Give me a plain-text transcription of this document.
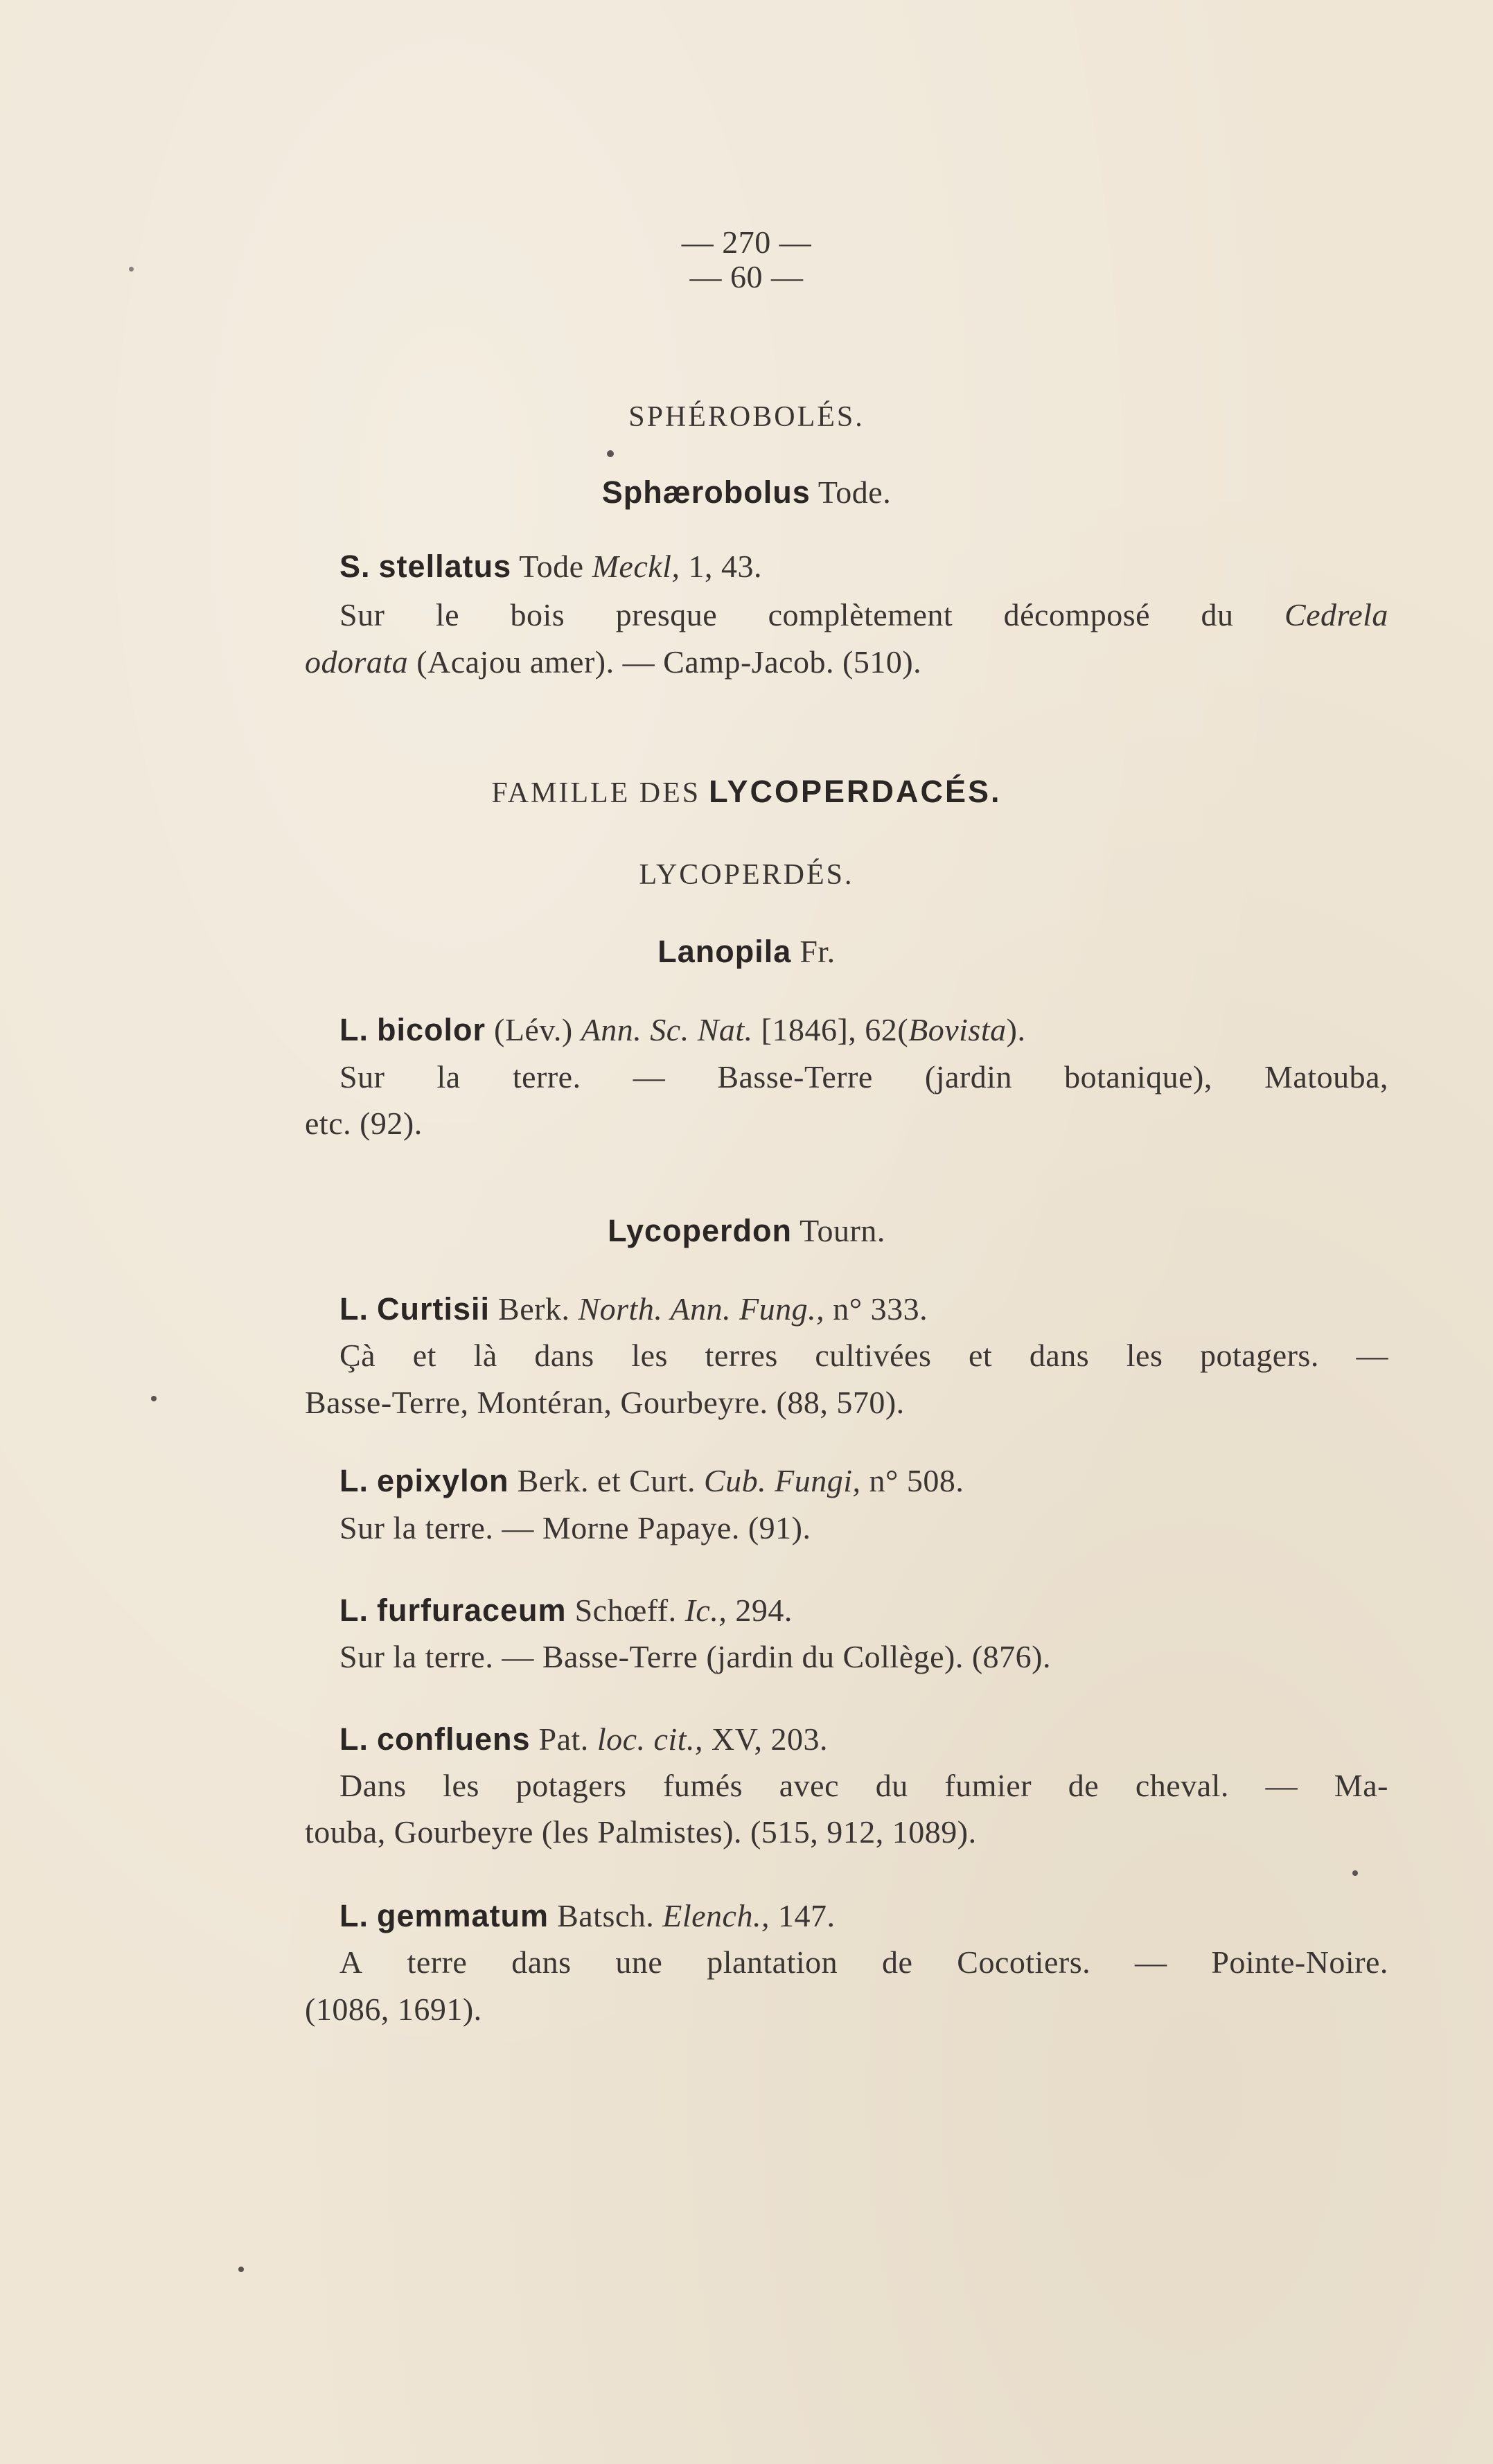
— 270 —
— 60 —
SPHÉROBOLÉS.
Sphærobolus Tode.
S. stellatus Tode Meckl, 1, 43.
Sur le bois presque complètement décomposé du Cedrela
odorata (Acajou amer). — Camp-Jacob. (510).
FAMILLE DES LYCOPERDACÉS.
LYCOPERDÉS.
Lanopila Fr.
L. bicolor (Lév.) Ann. Sc. Nat. [1846], 62(Bovista).
Sur la terre. — Basse-Terre (jardin botanique), Matouba,
etc. (92).
Lycoperdon Tourn.
L. Curtisii Berk. North. Ann. Fung., n° 333.
Çà et là dans les terres cultivées et dans les potagers. —
Basse-Terre, Montéran, Gourbeyre. (88, 570).
L. epixylon Berk. et Curt. Cub. Fungi, n° 508.
Sur la terre. — Morne Papaye. (91).
L. furfuraceum Schœff. Ic., 294.
Sur la terre. — Basse-Terre (jardin du Collège). (876).
L. confluens Pat. loc. cit., XV, 203.
Dans les potagers fumés avec du fumier de cheval. — Ma-
touba, Gourbeyre (les Palmistes). (515, 912, 1089).
L. gemmatum Batsch. Elench., 147.
A terre dans une plantation de Cocotiers. — Pointe-Noire.
(1086, 1691).
